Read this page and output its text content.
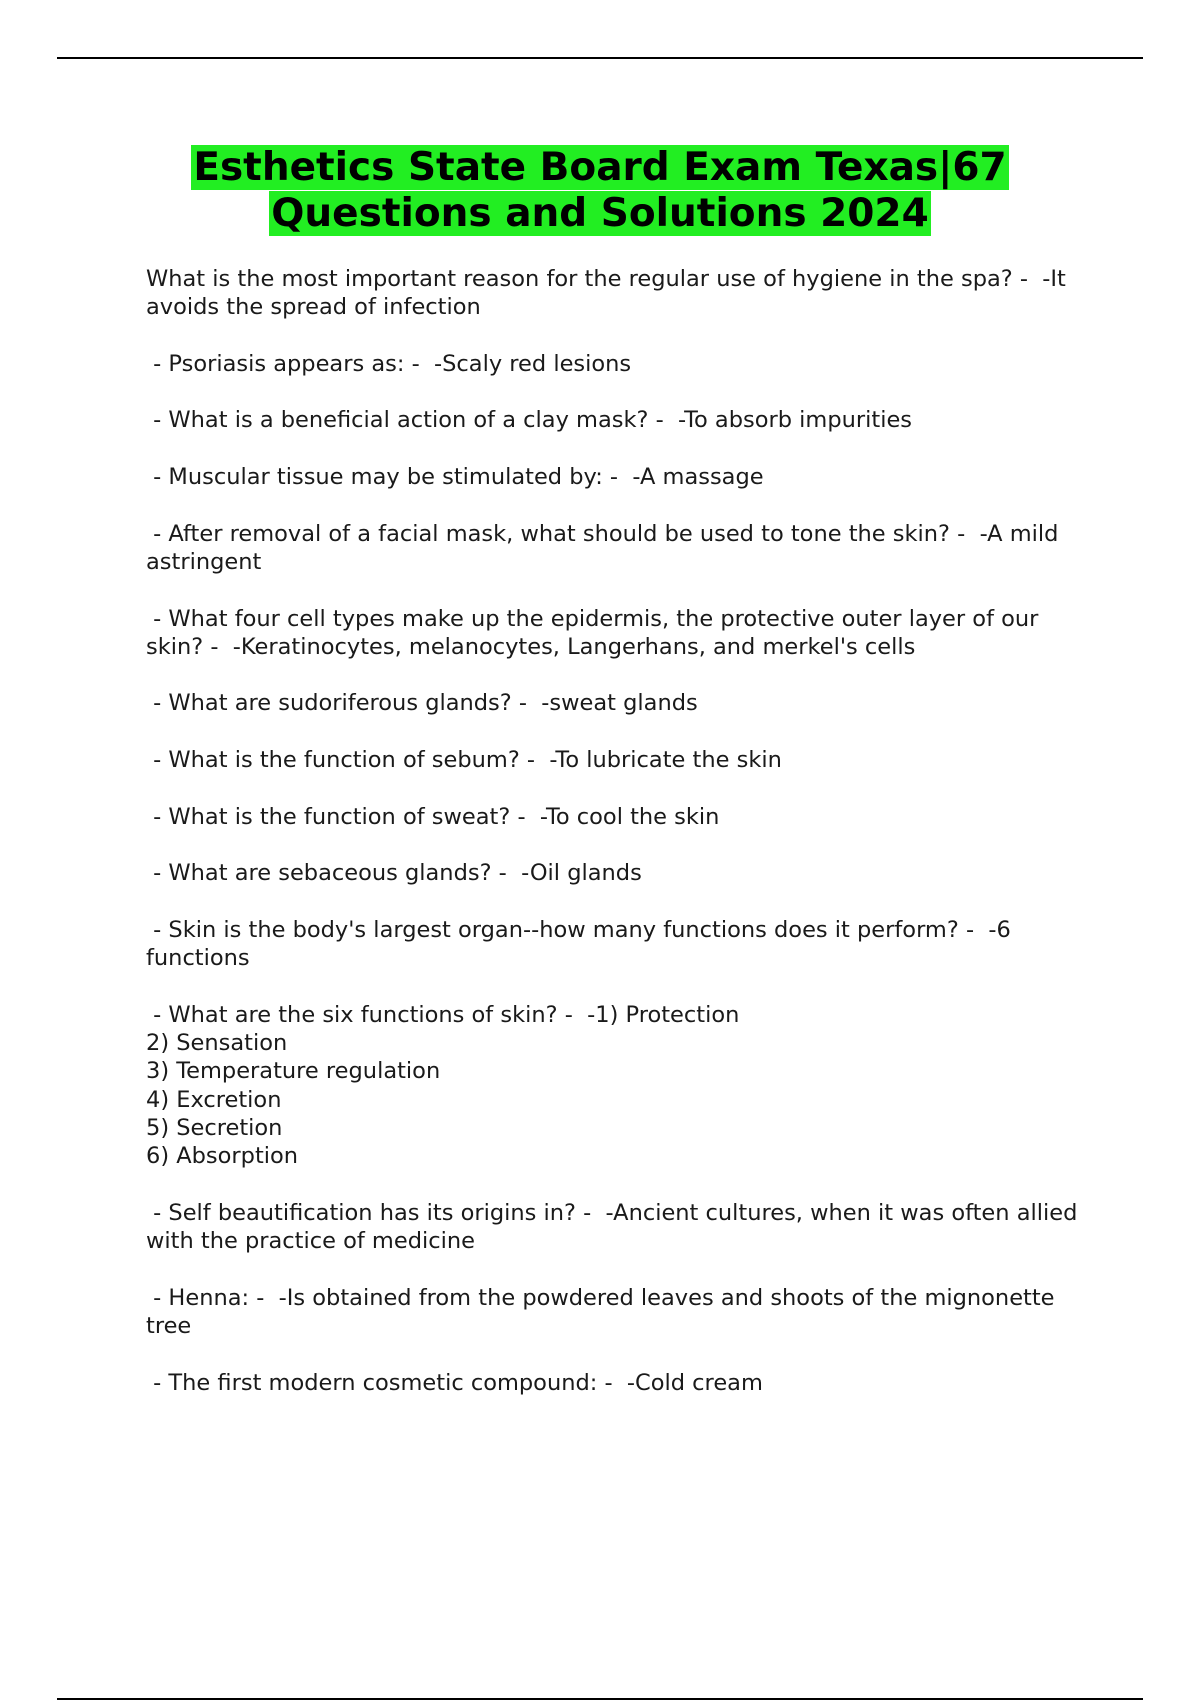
Esthetics State Board Exam Texas|67
Questions and Solutions 2024
What is the most important reason for the regular use of hygiene in the spa? -  -It avoids the spread of infection
- Psoriasis appears as: -  -Scaly red lesions
- What is a beneficial action of a clay mask? -  -To absorb impurities
- Muscular tissue may be stimulated by: -  -A massage
- After removal of a facial mask, what should be used to tone the skin? -  -A mild astringent
- What four cell types make up the epidermis, the protective outer layer of our skin? -  -Keratinocytes, melanocytes, Langerhans, and merkel's cells
- What are sudoriferous glands? -  -sweat glands
- What is the function of sebum? -  -To lubricate the skin
- What is the function of sweat? -  -To cool the skin
- What are sebaceous glands? -  -Oil glands
- Skin is the body's largest organ--how many functions does it perform? -  -6 functions
- What are the six functions of skin? -  -1) Protection
2) Sensation
3) Temperature regulation
4) Excretion
5) Secretion
6) Absorption
- Self beautification has its origins in? -  -Ancient cultures, when it was often allied with the practice of medicine
- Henna: -  -Is obtained from the powdered leaves and shoots of the mignonette tree
- The first modern cosmetic compound: -  -Cold cream
